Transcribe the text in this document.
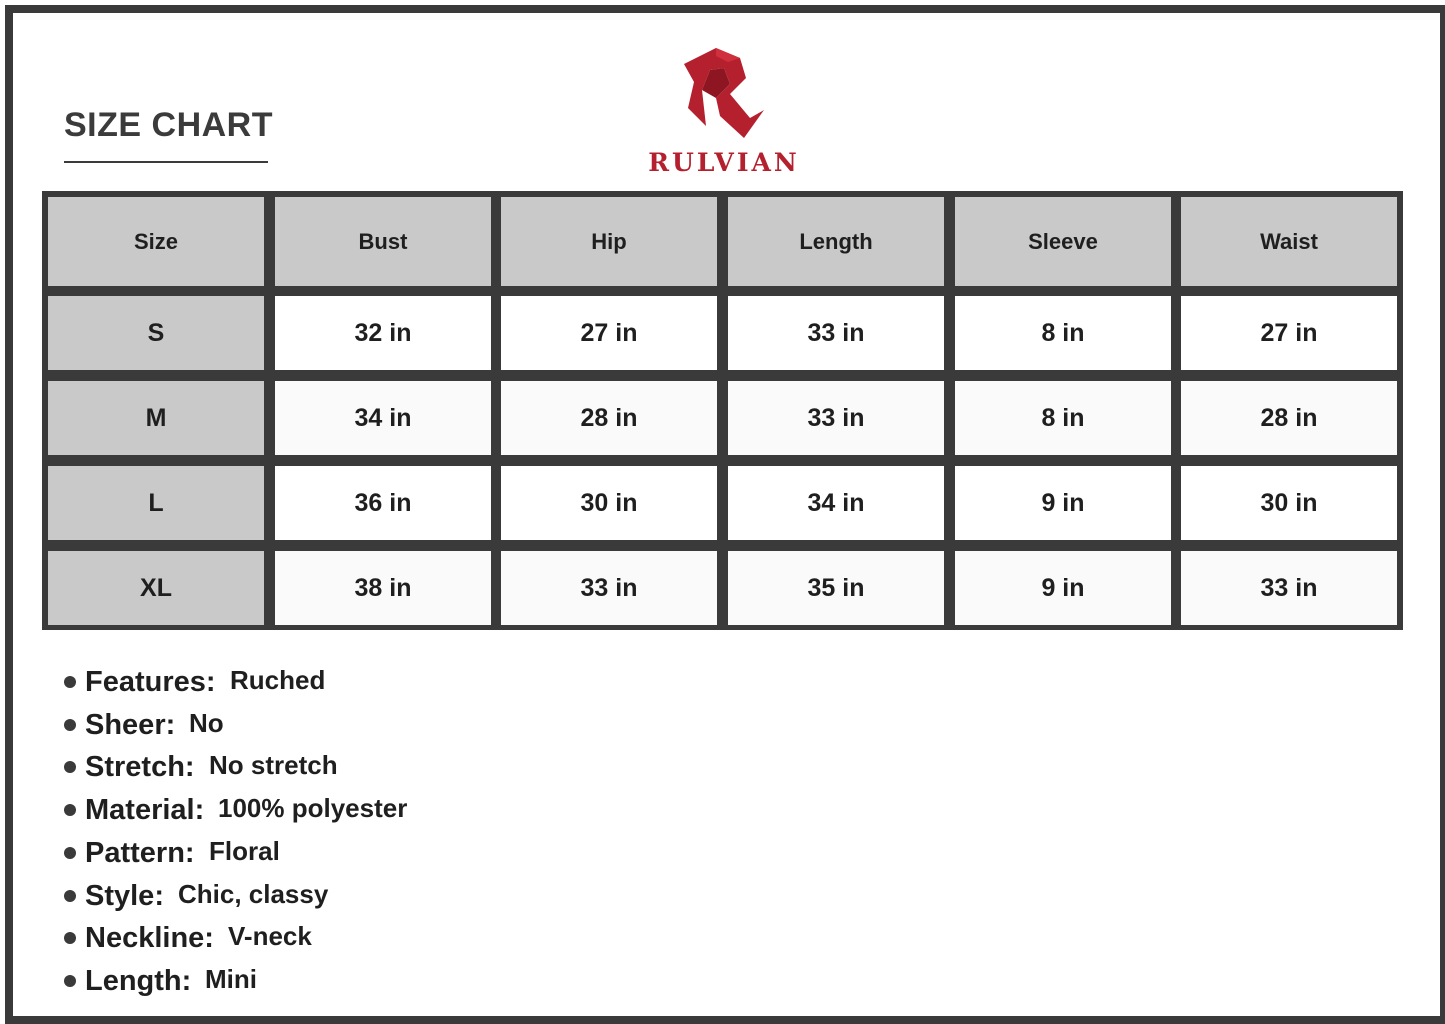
SIZE CHART
RULVIAN
Size	Bust	Hip	Length	Sleeve	Waist
S	32 in	27 in	33 in	8 in	27 in
M	34 in	28 in	33 in	8 in	28 in
L	36 in	30 in	34 in	9 in	30 in
XL	38 in	33 in	35 in	9 in	33 in
Features: Ruched
Sheer: No
Stretch: No stretch
Material: 100% polyester
Pattern: Floral
Style: Chic, classy
Neckline: V-neck
Length: Mini
